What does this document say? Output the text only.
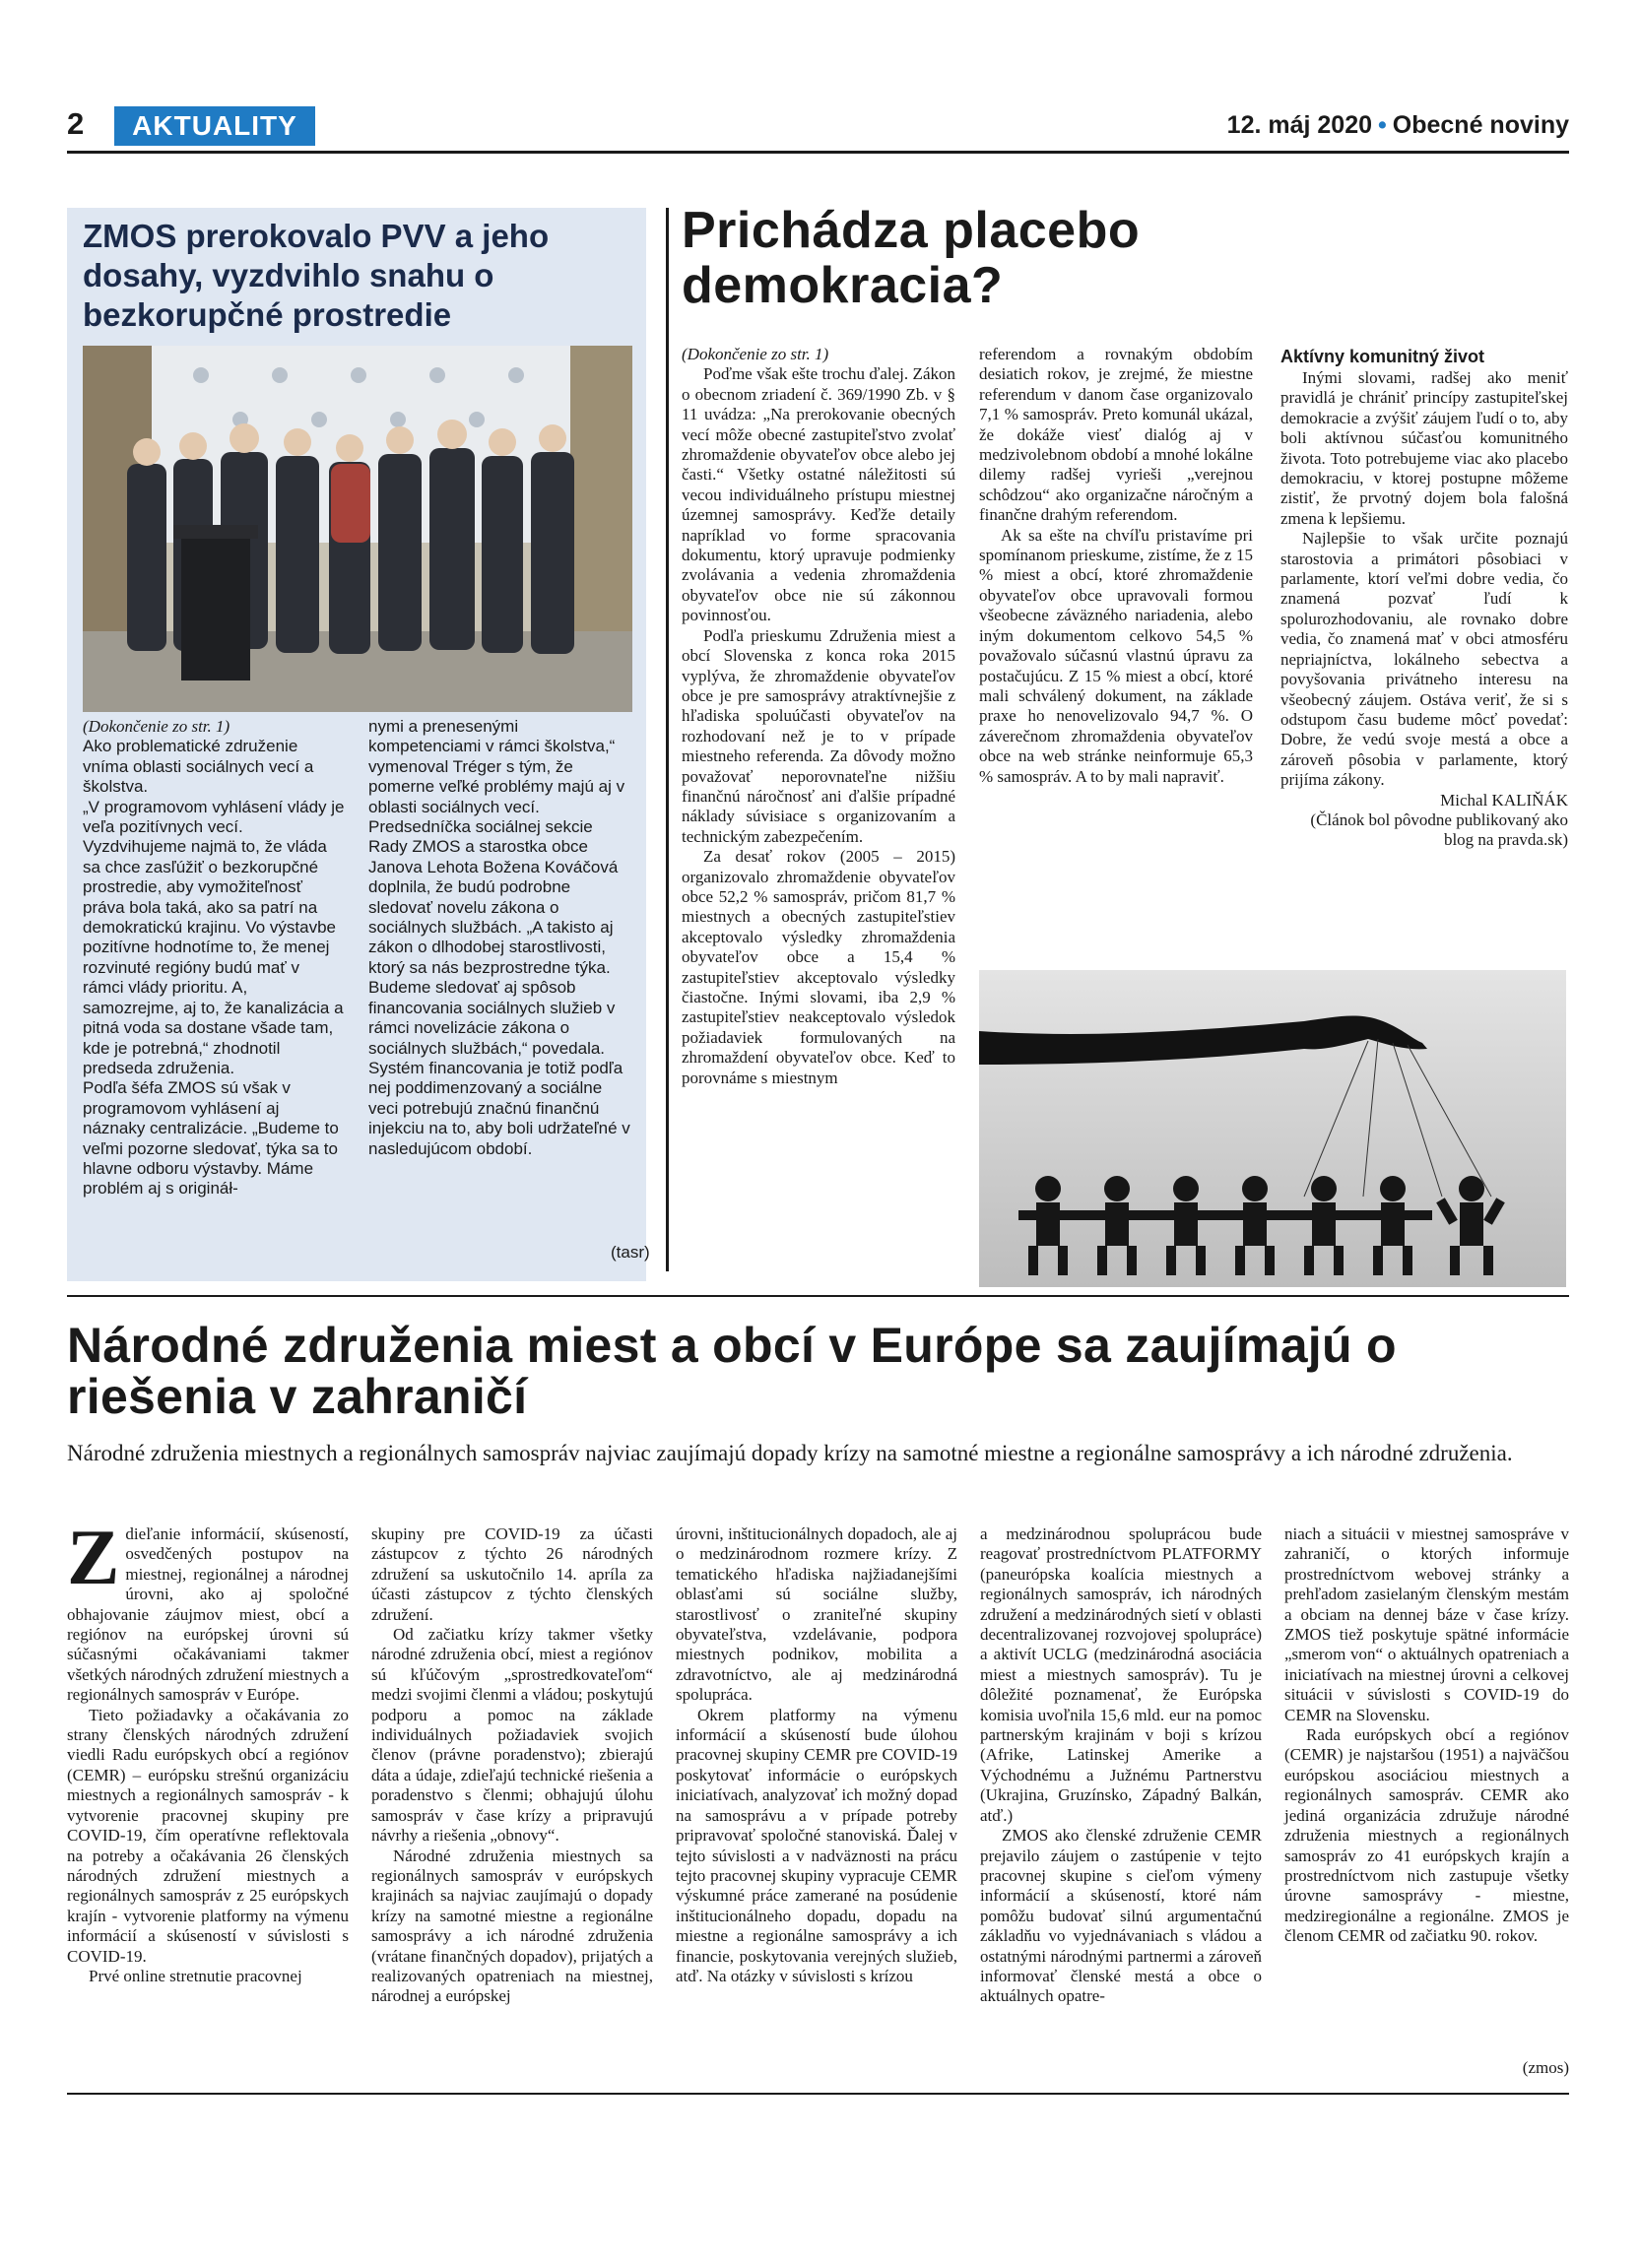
2	AKTUALITY	12. máj 2020 • Obecné noviny
ZMOS prerokovalo PVV a jeho dosahy, vyzdvihlo snahu o bezkorupčné prostredie

(Dokončenie zo str. 1)

Ako problematické združenie vníma oblasti sociálnych vecí a školstva.

„V programovom vyhlásení vlády je veľa pozitívnych vecí. Vyzdvihujeme najmä to, že vláda sa chce zasľúžiť o bezkorupčné prostredie, aby vymožiteľnosť práva bola taká, ako sa patrí na demokratickú krajinu. Vo výstavbe pozitívne hodnotíme to, že menej rozvinuté regióny budú mať v rámci vlády prioritu. A, samozrejme, aj to, že kanalizácia a pitná voda sa dostane všade tam, kde je potrebná,“ zhodnotil predseda združenia.

Podľa šéfa ZMOS sú však v programovom vyhlásení aj náznaky centralizácie. „Budeme to veľmi pozorne sledovať, týka sa to hlavne odboru výstavby. Máme problém aj s origináł-

nymi a prenesenými kompetenciami v rámci školstva,“ vymenoval Tréger s tým, že pomerne veľké problémy majú aj v oblasti sociálnych vecí.

Predsedníčka sociálnej sekcie Rady ZMOS a starostka obce Janova Lehota Božena Kováčová doplnila, že budú podrobne sledovať novelu zákona o sociálnych službách. „A takisto aj zákon o dlhodobej starostlivosti, ktorý sa nás bezprostredne týka. Budeme sledovať aj spôsob financovania sociálnych služieb v rámci novelizácie zákona o sociálnych službách,“ povedala. Systém financovania je totiž podľa nej poddimenzovaný a sociálne veci potrebujú značnú finančnú injekciu na to, aby boli udržateľné v nasledujúcom období.

(tasr)
Prichádza placebo demokracia?

(Dokončenie zo str. 1)

Poďme však ešte trochu ďalej. Zákon o obecnom zriadení č. 369/1990 Zb. v § 11 uvádza: „Na prerokovanie obecných vecí môže obecné zastupiteľstvo zvolať zhromaždenie obyvateľov obce alebo jej časti.“ Všetky ostatné náležitosti sú vecou individuálneho prístupu miestnej územnej samosprávy. Keďže detaily napríklad vo forme spracovania dokumentu, ktorý upravuje podmienky zvolávania a vedenia zhromaždenia obyvateľov obce nie sú zákonnou povinnosťou.

Podľa prieskumu Združenia miest a obcí Slovenska z konca roka 2015 vyplýva, že zhromaždenie obyvateľov obce je pre samosprávy atraktívnejšie z hľadiska spoluúčasti obyvateľov na rozhodovaní než je to v prípade miestneho referenda. Za dôvody možno považovať neporovnateľne nižšiu finančnú náročnosť ani ďalšie prípadné náklady súvisiace s organizovaním a technickým zabezpečením.

Za desať rokov (2005 – 2015) organizovalo zhromaždenie obyvateľov obce 52,2 % samospráv, pričom 81,7 % miestnych a obecných zastupiteľstiev akceptovalo výsledky zhromaždenia obyvateľov obce a 15,4 % zastupiteľstiev akceptovalo výsledky čiastočne. Inými slovami, iba 2,9 % zastupiteľstiev neakceptovalo výsledok požiadaviek formulovaných na zhromaždení obyvateľov obce. Keď to porovnáme s miestnym

referendom a rovnakým obdobím desiatich rokov, je zrejmé, že miestne referendum v danom čase organizovalo 7,1 % samospráv. Preto komunál ukázal, že dokáže viesť dialóg aj v medzivolebnom období a mnohé lokálne dilemy radšej vyrieši „verejnou schôdzou“ ako organizačne náročným a finančne drahým referendom.

Ak sa ešte na chvíľu pristavíme pri spomínanom prieskume, zistíme, že z 15 % miest a obcí, ktoré zhromaždenie obyvateľov obce upravovali formou všeobecne záväzného nariadenia, alebo iným dokumentom celkovo 54,5 % považovalo súčasnú vlastnú úpravu za postačujúcu. Z 15 % miest a obcí, ktoré mali schválený dokument, na základe praxe ho nenovelizovalo 94,7 %. O záverečnom zhromaždenia obyvateľov obce na web stránke neinformuje 65,3 % samospráv. A to by mali napraviť.

Aktívny komunitný život

Inými slovami, radšej ako meniť pravidlá je chrániť princípy zastupiteľskej demokracie a zvýšiť záujem ľudí o to, aby boli aktívnou súčasťou komunitného života. Toto potrebujeme viac ako placebo demokraciu, v ktorej postupne môžeme zistiť, že prvotný dojem bola falošná zmena k lepšiemu.

Najlepšie to však určite poznajú starostovia a primátori pôsobiaci v parlamente, ktorí veľmi dobre vedia, čo znamená pozvať ľudí k spolurozhodovaniu, ale rovnako dobre vedia, čo znamená mať v obci atmosféru nepriajníctva, lokálneho sebectva a povyšovania privátneho interesu na všeobecný záujem. Ostáva veriť, že si s odstupom času budeme môcť povedať: Dobre, že vedú svoje mestá a obce a zároveň pôsobia v parlamente, ktorý prijíma zákony.

Michal KALIŇÁK

(Článok bol pôvodne publikovaný ako blog na pravda.sk)

Národné združenia miest a obcí v Európe sa zaujímajú o riešenia v zahraničí

Národné združenia miestnych a regionálnych samospráv najviac zaujímajú dopady krízy na samotné miestne a regionálne samosprávy a ich národné združenia.

Z dieľanie informácií, skúseností, osvedčených postupov na miestnej, regionálnej a národnej úrovni, ako aj spoločné obhajovanie záujmov miest, obcí a regiónov na európskej úrovni sú súčasnými očakávaniami takmer všetkých národných združení miestnych a regionálnych samospráv v Európe.

Tieto požiadavky a očakávania zo strany členských národných združení viedli Radu európskych obcí a regiónov (CEMR) – európsku strešnú organizáciu miestnych a regionálnych samospráv - k vytvorenie pracovnej skupiny pre COVID-19, čím operatívne reflektovala na potreby a očakávania 26 členských národných združení miestnych a regionálnych samospráv z 25 európskych krajín - vytvorenie platformy na výmenu informácií a skúseností v súvislosti s COVID-19.

Prvé online stretnutie pracovnej

skupiny pre COVID-19 za účasti zástupcov z týchto 26 národných združení sa uskutočnilo 14. apríla za účasti zástupcov z týchto členských združení.

Od začiatku krízy takmer všetky národné združenia obcí, miest a regiónov sú kľúčovým „sprostredkovateľom“ medzi svojimi členmi a vládou; poskytujú podporu a pomoc na základe individuálnych požiadaviek svojich členov (právne poradenstvo); zbierajú dáta a údaje, zdieľajú technické riešenia a poradenstvo s členmi; obhajujú úlohu samospráv v čase krízy a pripravujú návrhy a riešenia „obnovy“.

Národné združenia miestnych sa regionálnych samospráv v európskych krajinách sa najviac zaujímajú o dopady krízy na samotné miestne a regionálne samosprávy a ich národné združenia (vrátane finančných dopadov), prijatých a realizovaných opatreniach na miestnej, národnej a európskej

úrovni, inštitucionálnych dopadoch, ale aj o medzinárodnom rozmere krízy. Z tematického hľadiska najžiadanejšími oblasťami sú sociálne služby, starostlivosť o zraniteľné skupiny obyvateľstva, vzdelávanie, podpora miestnych podnikov, mobilita a zdravotníctvo, ale aj medzinárodná spolupráca.

Okrem platformy na výmenu informácií a skúseností bude úlohou pracovnej skupiny CEMR pre COVID-19 poskytovať informácie o európskych iniciatívach, analyzovať ich možný dopad na samosprávu a v prípade potreby pripravovať spoločné stanoviská. Ďalej v tejto súvislosti a v nadväznosti na prácu tejto pracovnej skupiny vypracuje CEMR výskumné práce zamerané na posúdenie inštitucionálneho dopadu, dopadu na miestne a regionálne samosprávy a ich financie, poskytovania verejných služieb, atď. Na otázky v súvislosti s krízou

a medzinárodnou spoluprácou bude reagovať prostredníctvom PLATFORMY (paneurópska koalícia miestnych a regionálnych samospráv, ich národných združení a medzinárodných sietí v oblasti decentralizovanej rozvojovej spolupráce) a aktivít UCLG (medzinárodná asociácia miest a miestnych samospráv). Tu je dôležité poznamenať, že Európska komisia uvoľnila 15,6 mld. eur na pomoc partnerským krajinám v boji s krízou (Afrike, Latinskej Amerike a Východnému a Južnému Partnerstvu (Ukrajina, Gruzínsko, Západný Balkán, atď.)

ZMOS ako členské združenie CEMR prejavilo záujem o zastúpenie v tejto pracovnej skupine s cieľom výmeny informácií a skúseností, ktoré nám pomôžu budovať silnú argumentačnú základňu vo vyjednávaniach s vládou a ostatnými národnými partnermi a zároveň informovať členské mestá a obce o aktuálnych opatre-

niach a situácii v miestnej samospráve v zahraničí, o ktorých informuje prostredníctvom webovej stránky a prehľadom zasielaným členským mestám a obciam na dennej báze v čase krízy. ZMOS tiež poskytuje spätné informácie „smerom von“ o aktuálnych opatreniach a iniciatívach na miestnej úrovni a celkovej situácii v súvislosti s COVID-19 do CEMR na Slovensku.

Rada európskych obcí a regiónov (CEMR) je najstaršou (1951) a najväčšou európskou asociáciou miestnych a regionálnych samospráv. CEMR ako jediná organizácia združuje národné združenia miestnych a regionálnych samospráv zo 41 európskych krajín a prostredníctvom nich zastupuje všetky úrovne samosprávy - miestne, medziregionálne a regionálne. ZMOS je členom CEMR od začiatku 90. rokov.

(zmos)
